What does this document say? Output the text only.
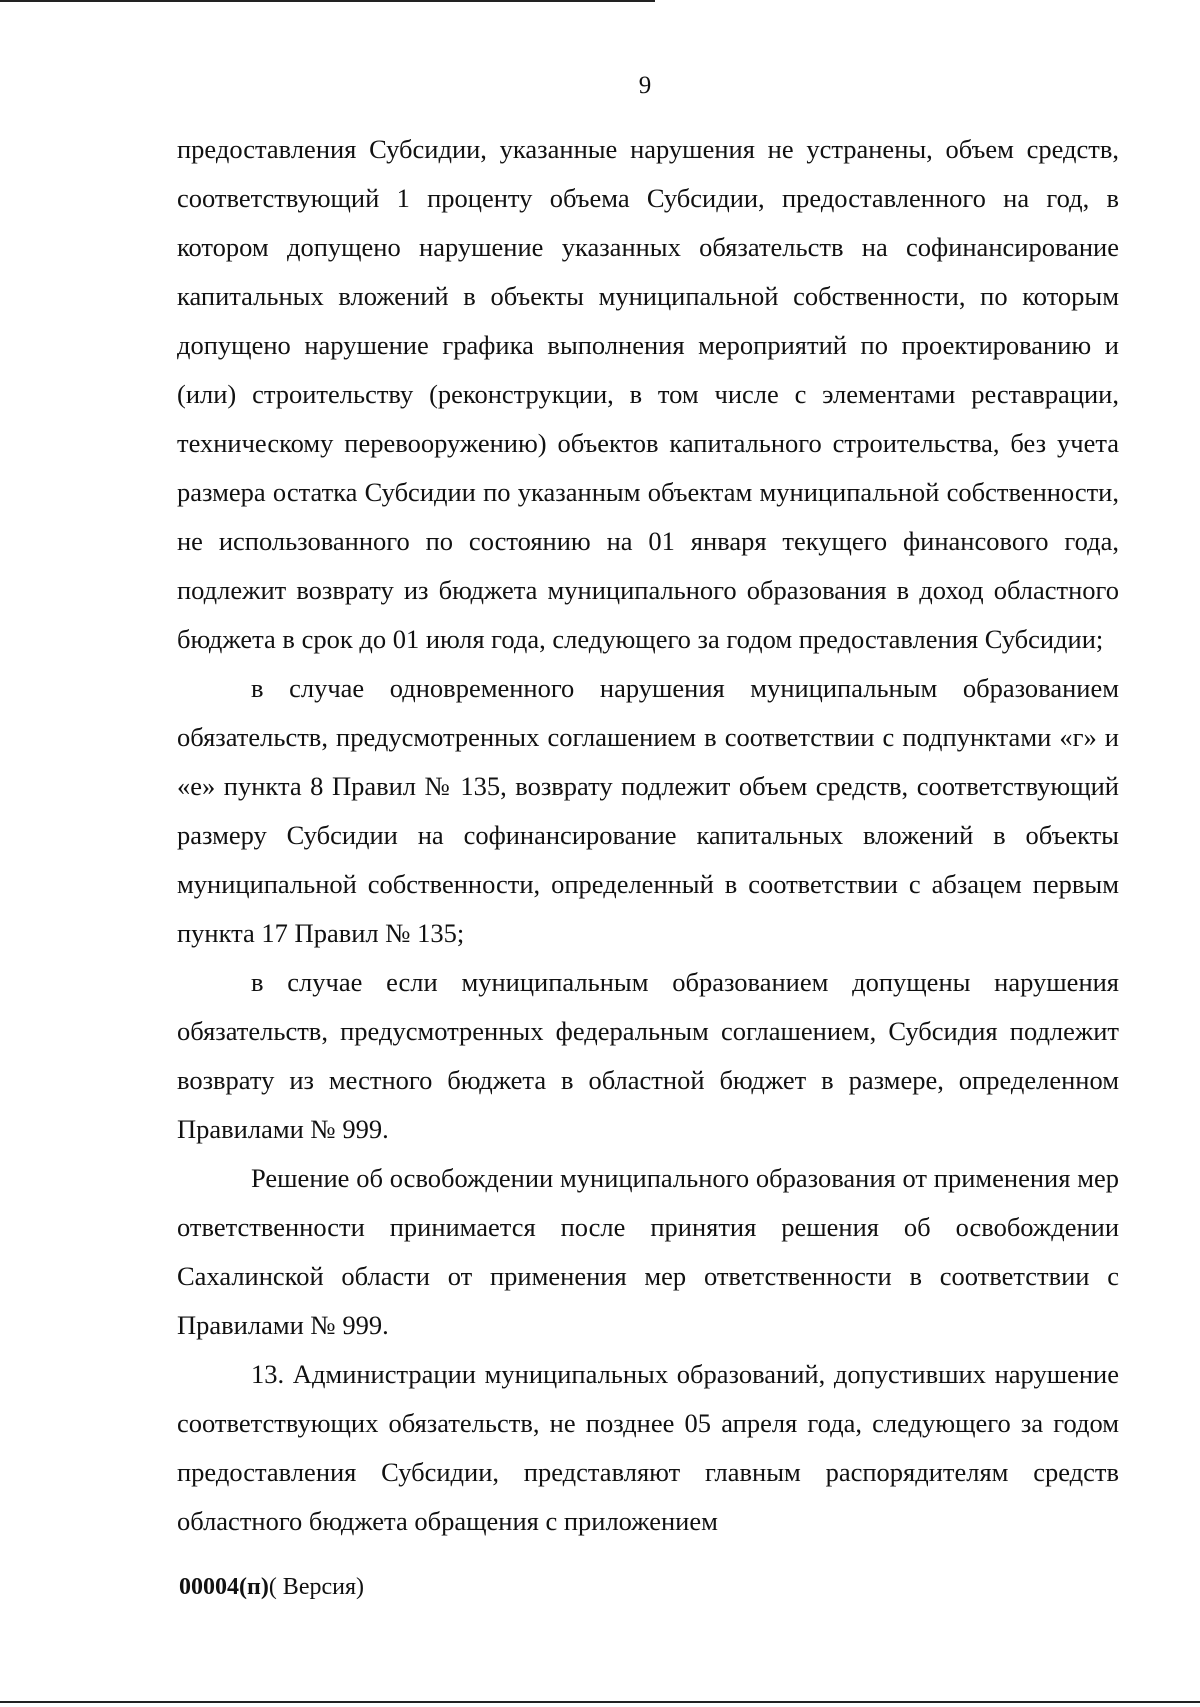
9

предоставления Субсидии, указанные нарушения не устранены, объем средств, соответствующий 1 проценту объема Субсидии, предоставленного на год, в котором допущено нарушение указанных обязательств на софинансирование капитальных вложений в объекты муниципальной собственности, по которым допущено нарушение графика выполнения мероприятий по проектированию и (или) строительству (реконструкции, в том числе с элементами реставрации, техническому перевооружению) объектов капитального строительства, без учета размера остатка Субсидии по указанным объектам муниципальной собственности, не использованного по состоянию на 01 января текущего финансового года, подлежит возврату из бюджета муниципального образования в доход областного бюджета в срок до 01 июля года, следующего за годом предоставления Субсидии;

в случае одновременного нарушения муниципальным образованием обязательств, предусмотренных соглашением в соответствии с подпунктами «г» и «е» пункта 8 Правил № 135, возврату подлежит объем средств, соответствующий размеру Субсидии на софинансирование капитальных вложений в объекты муниципальной собственности, определенный в соответствии с абзацем первым пункта 17 Правил № 135;

в случае если муниципальным образованием допущены нарушения обязательств, предусмотренных федеральным соглашением, Субсидия подлежит возврату из местного бюджета в областной бюджет в размере, определенном Правилами № 999.

Решение об освобождении муниципального образования от применения мер ответственности принимается после принятия решения об освобождении Сахалинской области от применения мер ответственности в соответствии с Правилами № 999.

13. Администрации муниципальных образований, допустивших нарушение соответствующих обязательств, не позднее 05 апреля года, следующего за годом предоставления Субсидии, представляют главным распорядителям средств областного бюджета обращения с приложением

00004(п)( Версия)
